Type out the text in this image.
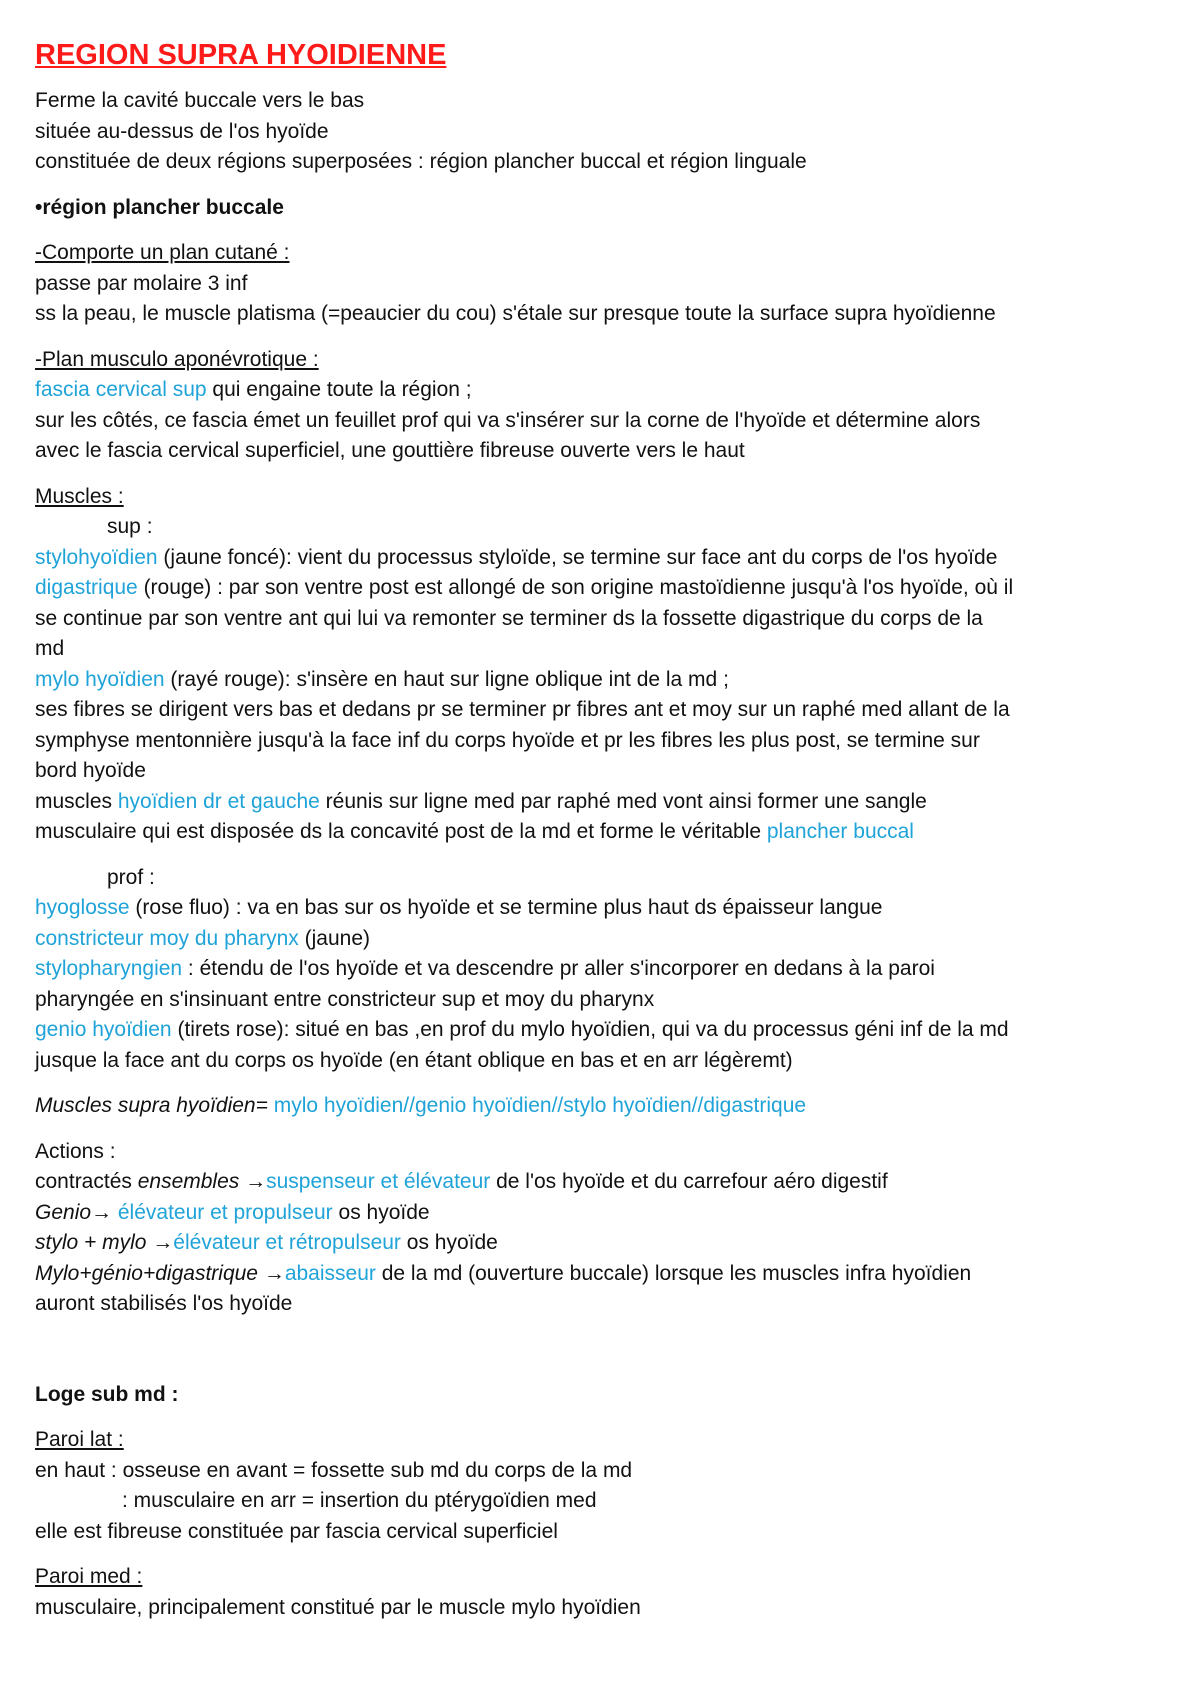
REGION SUPRA HYOIDIENNE

Ferme la cavité buccale vers le bas

située au-dessus de l'os hyoïde

constituée de deux régions superposées : région plancher buccal et région linguale

•région plancher buccale

-Comporte un plan cutané :

passe par molaire 3 inf

ss la peau, le muscle platisma (=peaucier du cou) s'étale sur presque toute la surface supra hyoïdienne

-Plan musculo aponévrotique :

fascia cervical sup qui engaine toute la région ;

sur les côtés, ce fascia émet un feuillet prof qui va s'insérer sur la corne de l'hyoïde et détermine alors

avec le fascia cervical superficiel, une gouttière fibreuse ouverte vers le haut

Muscles :

sup :

stylohyoïdien (jaune foncé): vient du processus styloïde, se termine sur face ant du corps de l'os hyoïde

digastrique (rouge) : par son ventre post est allongé de son origine mastoïdienne jusqu'à l'os hyoïde, où il

se continue par son ventre ant qui lui va remonter se terminer ds la fossette digastrique du corps de la

md

mylo hyoïdien (rayé rouge): s'insère en haut sur ligne oblique int de la md ;

ses fibres se dirigent vers bas et dedans pr se terminer pr fibres ant et moy sur un raphé med allant de la

symphyse mentonnière jusqu'à la face inf du corps hyoïde et pr les fibres les plus post, se termine sur

bord hyoïde

muscles hyoïdien dr et gauche réunis sur ligne med par raphé med vont ainsi former une sangle

musculaire qui est disposée ds la concavité post de la md et forme le véritable plancher buccal

prof :

hyoglosse (rose fluo) : va en bas sur os hyoïde et se termine plus haut ds épaisseur langue

constricteur moy du pharynx (jaune)

stylopharyngien : étendu de l'os hyoïde et va descendre pr aller s'incorporer en dedans à la paroi

pharyngée en s'insinuant entre constricteur sup et moy du pharynx

genio hyoïdien (tirets rose): situé en bas ,en prof du mylo hyoïdien, qui va du processus géni inf de la md

jusque la face ant du corps os hyoïde (en étant oblique en bas et en arr légèremt)

Muscles supra hyoïdien= mylo hyoïdien//genio hyoïdien//stylo hyoïdien//digastrique

Actions :

contractés ensembles →suspenseur et élévateur de l'os hyoïde et du carrefour aéro digestif

Genio→ élévateur et propulseur os hyoïde

stylo + mylo →élévateur et rétropulseur os hyoïde

Mylo+génio+digastrique →abaisseur de la md (ouverture buccale) lorsque les muscles infra hyoïdien

auront stabilisés l'os hyoïde

Loge sub md :

Paroi lat :

en haut : osseuse en avant = fossette sub md du corps de la md

: musculaire en arr = insertion du ptérygoïdien med

elle est fibreuse constituée par fascia cervical superficiel

Paroi med :

musculaire, principalement constitué par le muscle mylo hyoïdien
